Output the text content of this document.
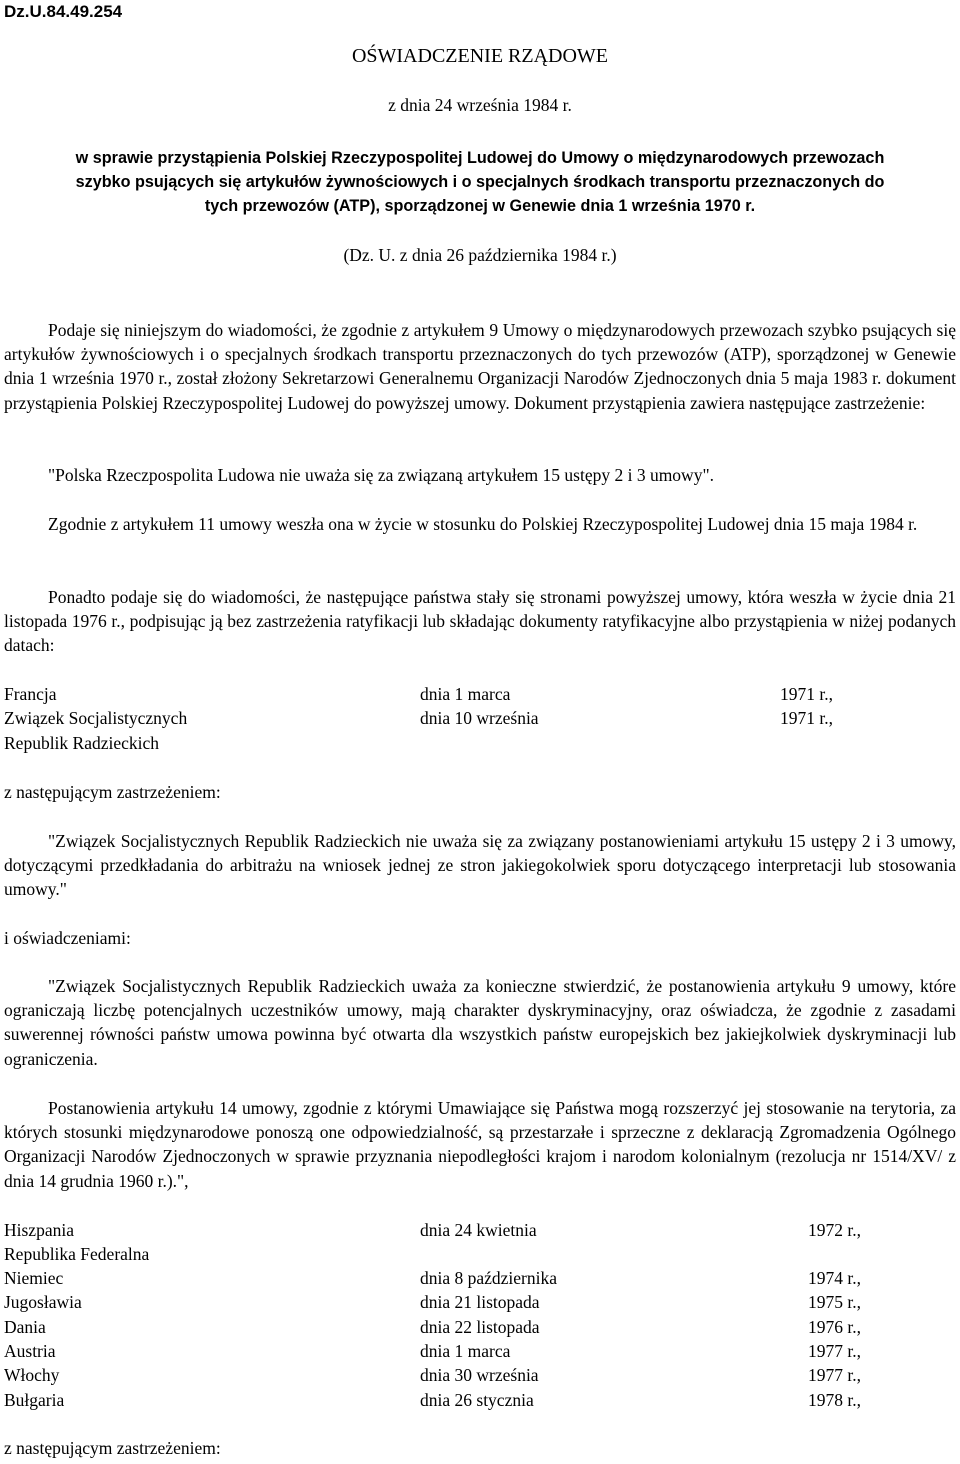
Dz.U.84.49.254
OŚWIADCZENIE RZĄDOWE
z dnia 24 września 1984 r.
w sprawie przystąpienia Polskiej Rzeczypospolitej Ludowej do Umowy o międzynarodowych przewozach
szybko psujących się artykułów żywnościowych i o specjalnych środkach transportu przeznaczonych do
tych przewozów (ATP), sporządzonej w Genewie dnia 1 września 1970 r.
(Dz. U. z dnia 26 października 1984 r.)
Podaje się niniejszym do wiadomości, że zgodnie z artykułem 9 Umowy o międzynarodowych przewozach szybko psujących się artykułów żywnościowych i o specjalnych środkach transportu przeznaczonych do tych przewozów (ATP), sporządzonej w Genewie dnia 1 września 1970 r., został złożony Sekretarzowi Generalnemu Organizacji Narodów Zjednoczonych dnia 5 maja 1983 r. dokument przystąpienia Polskiej Rzeczypospolitej Ludowej do powyższej umowy. Dokument przystąpienia zawiera następujące zastrzeżenie:
"Polska Rzeczpospolita Ludowa nie uważa się za związaną artykułem 15 ustępy 2 i 3 umowy".
Zgodnie z artykułem 11 umowy weszła ona w życie w stosunku do Polskiej Rzeczypospolitej Ludowej dnia 15 maja 1984 r.
Ponadto podaje się do wiadomości, że następujące państwa stały się stronami powyższej umowy, która weszła w życie dnia 21 listopada 1976 r., podpisując ją bez zastrzeżenia ratyfikacji lub składając dokumenty ratyfikacyjne albo przystąpienia w niżej podanych datach:
Francja	dnia 1 marca	1971 r.,
Związek Socjalistycznych	dnia 10 września	1971 r.,
Republik Radzieckich
z następującym zastrzeżeniem:
"Związek Socjalistycznych Republik Radzieckich nie uważa się za związany postanowieniami artykułu 15 ustępy 2 i 3 umowy, dotyczącymi przedkładania do arbitrażu na wniosek jednej ze stron jakiegokolwiek sporu dotyczącego interpretacji lub stosowania umowy."
i oświadczeniami:
"Związek Socjalistycznych Republik Radzieckich uważa za konieczne stwierdzić, że postanowienia artykułu 9 umowy, które ograniczają liczbę potencjalnych uczestników umowy, mają charakter dyskryminacyjny, oraz oświadcza, że zgodnie z zasadami suwerennej równości państw umowa powinna być otwarta dla wszystkich państw europejskich bez jakiejkolwiek dyskryminacji lub ograniczenia.
Postanowienia artykułu 14 umowy, zgodnie z którymi Umawiające się Państwa mogą rozszerzyć jej stosowanie na terytoria, za których stosunki międzynarodowe ponoszą one odpowiedzialność, są przestarzałe i sprzeczne z deklaracją Zgromadzenia Ogólnego Organizacji Narodów Zjednoczonych w sprawie przyznania niepodległości krajom i narodom kolonialnym (rezolucja nr 1514/XV/ z dnia 14 grudnia 1960 r.).",
Hiszpania	dnia 24 kwietnia	1972 r.,
Republika Federalna
Niemiec	dnia 8 października	1974 r.,
Jugosławia	dnia 21 listopada	1975 r.,
Dania	dnia 22 listopada	1976 r.,
Austria	dnia 1 marca	1977 r.,
Włochy	dnia 30 września	1977 r.,
Bułgaria	dnia 26 stycznia	1978 r.,
z następującym zastrzeżeniem:
